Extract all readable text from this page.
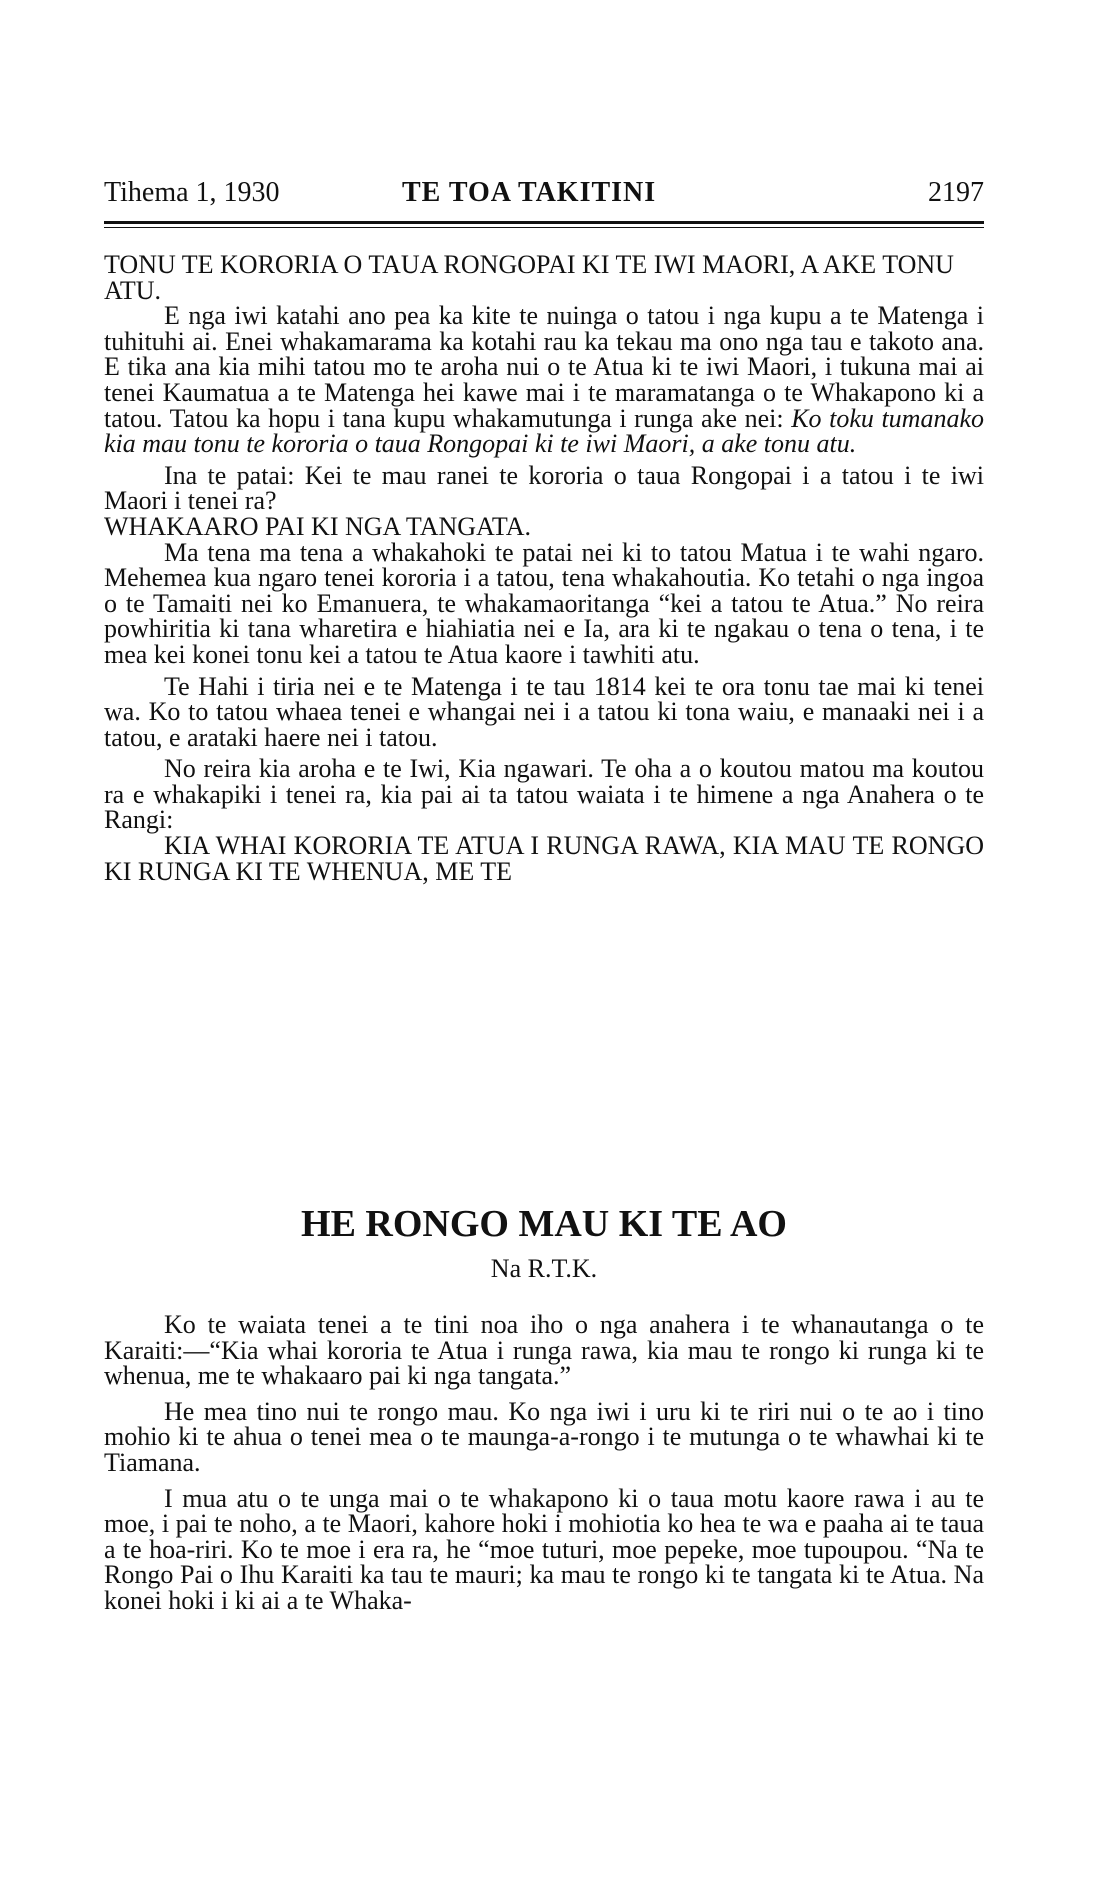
Tihema 1, 1930	TE TOA TAKITINI	2197

TONU TE KORORIA O TAUA RONGOPAI KI TE IWI MAORI, A AKE TONU ATU.

E nga iwi katahi ano pea ka kite te nuinga o tatou i nga kupu a te Matenga i tuhituhi ai. Enei whakamarama ka kotahi rau ka tekau ma ono nga tau e takoto ana. E tika ana kia mihi tatou mo te aroha nui o te Atua ki te iwi Maori, i tukuna mai ai tenei Kaumatua a te Matenga hei kawe mai i te maramatanga o te Whakapono ki a tatou. Tatou ka hopu i tana kupu whakamutunga i runga ake nei: Ko toku tumanako kia mau tonu te kororia o taua Rongopai ki te iwi Maori, a ake tonu atu.

Ina te patai: Kei te mau ranei te kororia o taua Rongopai i a tatou i te iwi Maori i tenei ra?

WHAKAARO PAI KI NGA TANGATA.

Ma tena ma tena a whakahoki te patai nei ki to tatou Matua i te wahi ngaro. Mehemea kua ngaro tenei kororia i a tatou, tena whakahoutia. Ko tetahi o nga ingoa o te Tamaiti nei ko Emanuera, te whakamaoritanga “kei a tatou te Atua.” No reira powhiritia ki tana wharetira e hiahiatia nei e Ia, ara ki te ngakau o tena o tena, i te mea kei konei tonu kei a tatou te Atua kaore i tawhiti atu.

Te Hahi i tiria nei e te Matenga i te tau 1814 kei te ora tonu tae mai ki tenei wa. Ko to tatou whaea tenei e whangai nei i a tatou ki tona waiu, e manaaki nei i a tatou, e arataki haere nei i tatou.

No reira kia aroha e te Iwi, Kia ngawari. Te oha a o koutou matou ma koutou ra e whakapiki i tenei ra, kia pai ai ta tatou waiata i te himene a nga Anahera o te Rangi:

KIA WHAI KORORIA TE ATUA I RUNGA RAWA, KIA MAU TE RONGO KI RUNGA KI TE WHENUA, ME TE

HE RONGO MAU KI TE AO
Na R.T.K.

Ko te waiata tenei a te tini noa iho o nga anahera i te whanautanga o te Karaiti:—“Kia whai kororia te Atua i runga rawa, kia mau te rongo ki runga ki te whenua, me te whakaaro pai ki nga tangata.”

He mea tino nui te rongo mau. Ko nga iwi i uru ki te riri nui o te ao i tino mohio ki te ahua o tenei mea o te maunga-a-rongo i te mutunga o te whawhai ki te Tiamana.

I mua atu o te unga mai o te whakapono ki o taua motu kaore rawa i au te moe, i pai te noho, a te Maori, kahore hoki i mohiotia ko hea te wa e paaha ai te taua a te hoa-riri. Ko te moe i era ra, he “moe tuturi, moe pepeke, moe tupoupou. “Na te Rongo Pai o Ihu Karaiti ka tau te mauri; ka mau te rongo ki te tangata ki te Atua. Na konei hoki i ki ai a te Whaka-
